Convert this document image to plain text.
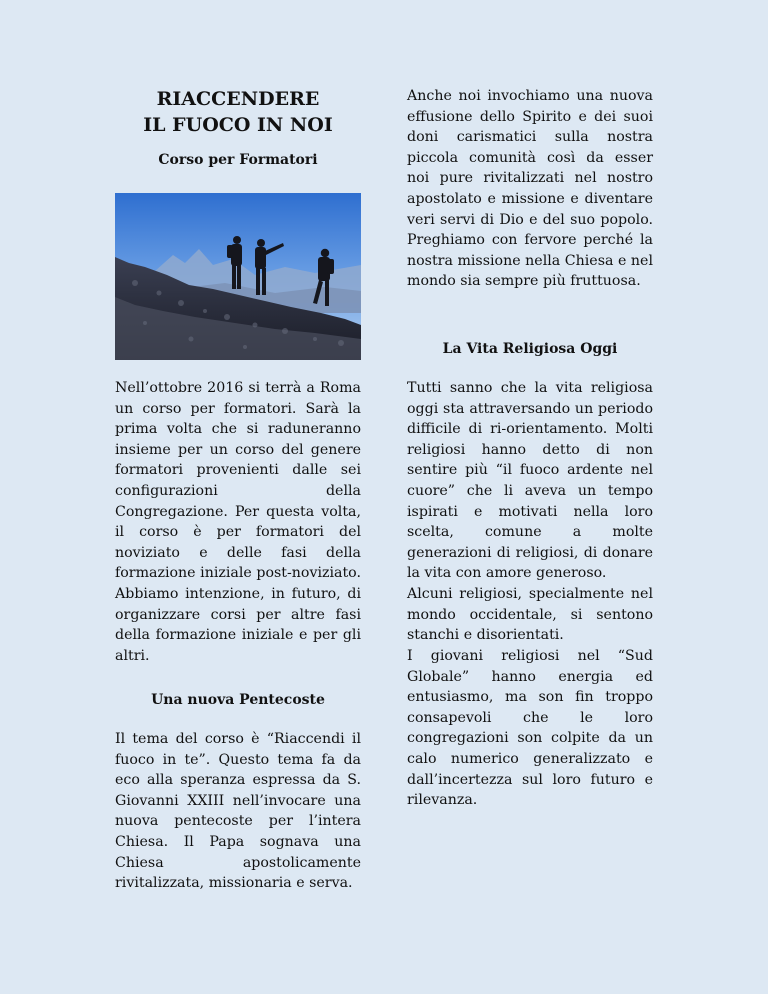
RIACCENDERE
IL FUOCO IN NOI
Corso per Formatori
Nell’ottobre 2016 si terrà a Roma un corso per formatori. Sarà la prima volta che si raduneranno insieme per un corso del genere formatori provenienti dalle sei configurazioni della Congregazione. Per questa volta, il corso è per formatori del noviziato e delle fasi della formazione iniziale post-noviziato. Abbiamo intenzione, in futuro, di organizzare corsi per altre fasi della formazione iniziale e per gli altri.
Una nuova Pentecoste
Il tema del corso è “Riaccendi il fuoco in te”. Questo tema fa da eco alla speranza espressa da S. Giovanni XXIII nell’invocare una nuova pentecoste per l’intera Chiesa. Il Papa sognava una Chiesa apostolicamente rivitalizzata, missionaria e serva.
Anche noi invochiamo una nuova effusione dello Spirito e dei suoi doni carismatici sulla nostra piccola comunità così da esser noi pure rivitalizzati nel nostro apostolato e missione e diventare veri servi di Dio e del suo popolo. Preghiamo con fervore perché la nostra missione nella Chiesa e nel mondo sia sempre più fruttuosa.
La Vita Religiosa Oggi
Tutti sanno che la vita religiosa oggi sta attraversando un periodo difficile di ri-orientamento. Molti religiosi hanno detto di non sentire più “il fuoco ardente nel cuore” che li aveva un tempo ispirati e motivati nella loro scelta, comune a molte generazioni di religiosi, di donare la vita con amore generoso.
Alcuni religiosi, specialmente nel mondo occidentale, si sentono stanchi e disorientati.
I giovani religiosi nel “Sud Globale” hanno energia ed entusiasmo, ma son fin troppo consapevoli che le loro congregazioni son colpite da un calo numerico generalizzato e dall’incertezza sul loro futuro e rilevanza.
